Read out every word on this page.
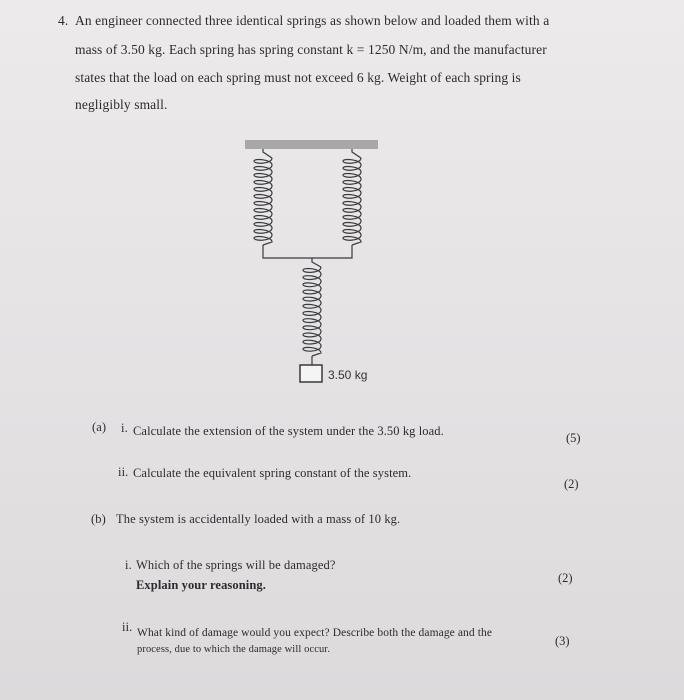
4. An engineer connected three identical springs as shown below and loaded them with a
mass of 3.50 kg. Each spring has spring constant k = 1250 N/m, and the manufacturer
states that the load on each spring must not exceed 6 kg. Weight of each spring is
negligibly small.
3.50 kg
(a) i. Calculate the extension of the system under the 3.50 kg load.	(5)
ii. Calculate the equivalent spring constant of the system.
(2)
(b) The system is accidentally loaded with a mass of 10 kg.
i. Which of the springs will be damaged?
Explain your reasoning.	(2)
ii. What kind of damage would you expect? Describe both the damage and the
process, due to which the damage will occur.
(3)
